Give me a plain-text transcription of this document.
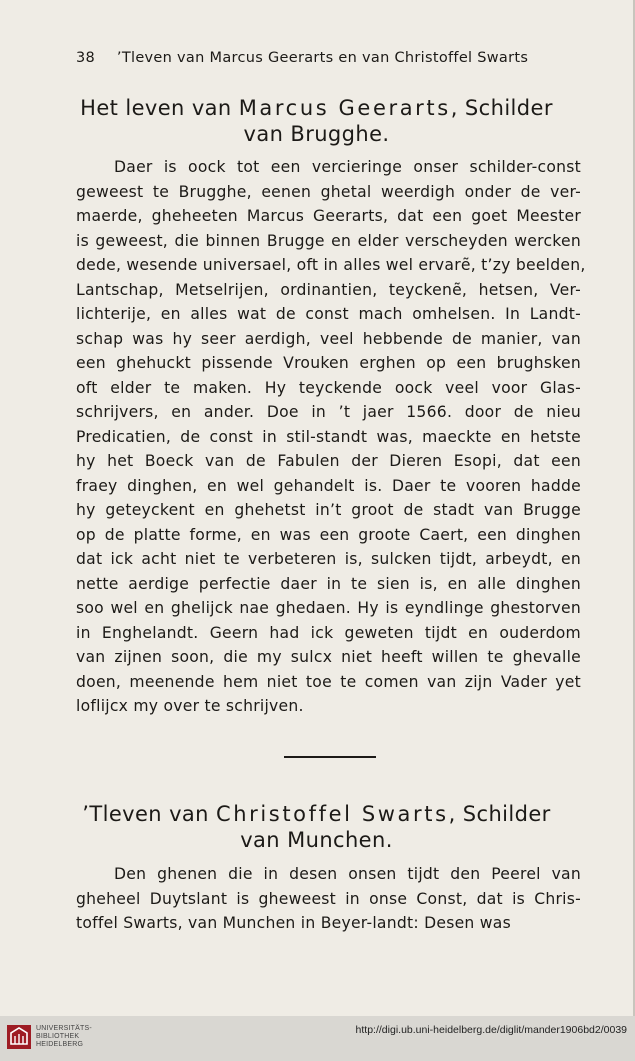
38 ’Tleven van Marcus Geerarts en van Christoffel Swarts
Het leven van Marcus Geerarts, Schilder
van Brugghe.
Daer is oock tot een vercieringe onser schilder-const
geweest te Brugghe, eenen ghetal weerdigh onder de ver-
maerde, gheheeten Marcus Geerarts, dat een goet Meester
is geweest, die binnen Brugge en elder verscheyden wercken
dede, wesende universael, oft in alles wel ervarẽ, t’zy beelden,
Lantschap, Metselrijen, ordinantien, teyckenẽ, hetsen, Ver-
lichterije, en alles wat de const mach omhelsen. In Landt-
schap was hy seer aerdigh, veel hebbende de manier, van
een ghehuckt pissende Vrouken erghen op een brughsken
oft elder te maken. Hy teyckende oock veel voor Glas-
schrijvers, en ander. Doe in ’t jaer 1566. door de nieu
Predicatien, de const in stil-standt was, maeckte en hetste
hy het Boeck van de Fabulen der Dieren Esopi, dat een
fraey dinghen, en wel gehandelt is. Daer te vooren hadde
hy geteyckent en ghehetst in’t groot de stadt van Brugge
op de platte forme, en was een groote Caert, een dinghen
dat ick acht niet te verbeteren is, sulcken tijdt, arbeydt, en
nette aerdige perfectie daer in te sien is, en alle dinghen
soo wel en ghelijck nae ghedaen. Hy is eyndlinge ghestorven
in Enghelandt. Geern had ick geweten tijdt en ouderdom
van zijnen soon, die my sulcx niet heeft willen te ghevalle
doen, meenende hem niet toe te comen van zijn Vader yet
loflijcx my over te schrijven.
’Tleven van Christoffel Swarts, Schilder
van Munchen.
Den ghenen die in desen onsen tijdt den Peerel van
gheheel Duytslant is gheweest in onse Const, dat is Chris-
toffel Swarts, van Munchen in Beyer-landt: Desen was
UNIVERSITÄTS-
BIBLIOTHEK
HEIDELBERG
http://digi.ub.uni-heidelberg.de/diglit/mander1906bd2/0039
